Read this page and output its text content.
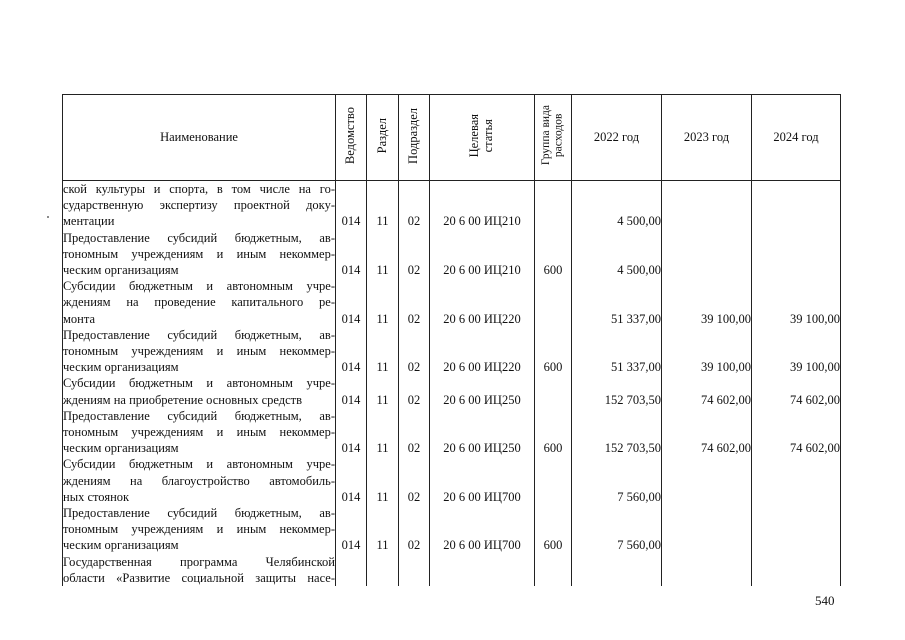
Наименование	Ведомство	Раздел	Подраздел	Целевая
статья	Группа вида
расходов	2022 год	2023 год	2024 год

ской культуры и спорта, в том числе на го-
сударственную экспертизу проектной доку-
ментации	014	11	02	20 6 00 ИЦ210		4 500,00		

Предоставление субсидий бюджетным, ав-
тономным учреждениям и иным некоммер-
ческим организациям	014	11	02	20 6 00 ИЦ210	600	4 500,00		

Субсидии бюджетным и автономным учре-
ждениям на проведение капитального ре-
монта	014	11	02	20 6 00 ИЦ220		51 337,00	39 100,00	39 100,00

Предоставление субсидий бюджетным, ав-
тономным учреждениям и иным некоммер-
ческим организациям	014	11	02	20 6 00 ИЦ220	600	51 337,00	39 100,00	39 100,00

Субсидии бюджетным и автономным учре-
ждениям на приобретение основных средств	014	11	02	20 6 00 ИЦ250		152 703,50	74 602,00	74 602,00

Предоставление субсидий бюджетным, ав-
тономным учреждениям и иным некоммер-
ческим организациям	014	11	02	20 6 00 ИЦ250	600	152 703,50	74 602,00	74 602,00

Субсидии бюджетным и автономным учре-
ждениям на благоустройство автомобиль-
ных стоянок	014	11	02	20 6 00 ИЦ700		7 560,00		

Предоставление субсидий бюджетным, ав-
тономным учреждениям и иным некоммер-
ческим организациям	014	11	02	20 6 00 ИЦ700	600	7 560,00		

Государственная программа Челябинской
области «Развитие социальной защиты насе-								

540
